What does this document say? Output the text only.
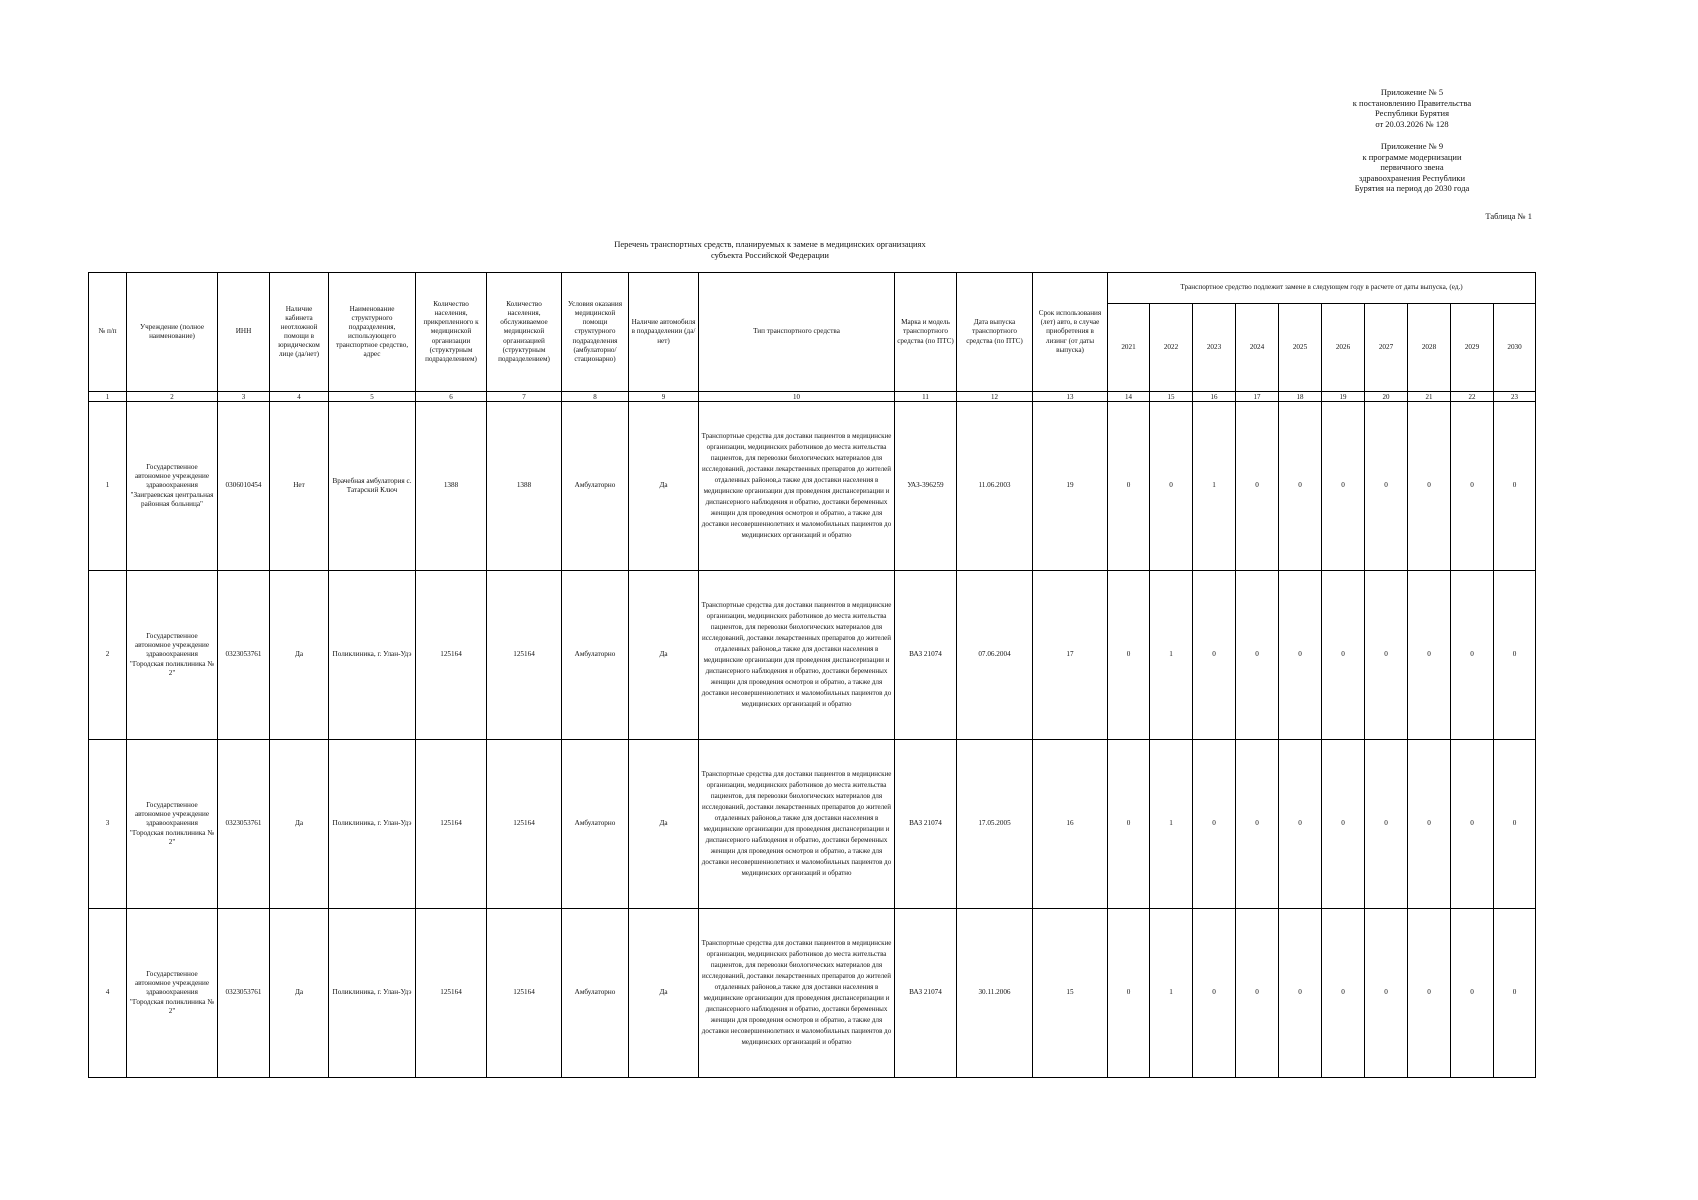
Приложение № 5
к постановлению Правительства
Республики Бурятия
от 20.03.2026 № 128
Приложение № 9
к программе модернизации
первичного звена
здравоохранения Республики
Бурятия на период до 2030 года
Таблица № 1
Перечень транспортных средств, планируемых к замене в медицинских организациях
субъекта Российской Федерации
№ п/п	Учреждение (полное наименование)	ИНН	Наличие кабинета неотложной помощи в юридическом лице (да/нет)	Наименование структурного подразделения, использующего транспортное средство, адрес	Количество населения, прикрепленного к медицинской организации (структурным подразделением)	Количество населения, обслуживаемое медицинской организацией (структурным подразделением)	Условия оказания медицинской помощи структурного подразделения (амбулаторно/стационарно)	Наличие автомобиля в подразделении (да/нет)	Тип транспортного средства	Марка и модель транспортного средства (по ПТС)	Дата выпуска транспортного средства (по ПТС)	Срок использования (лет) авто, в случае приобретения в лизинг (от даты выпуска)	Транспортное средство подлежит замене в следующем году в расчете от даты выпуска, (ед.)									
													2021	2022	2023	2024	2025	2026	2027	2028	2029	2030
1	2	3	4	5	6	7	8	9	10	11	12	13	14	15	16	17	18	19	20	21	22	23
1	Государственное автономное учреждение здравоохранения "Заиграевская центральная районная больница"	0306010454	Нет	Врачебная амбулатория с. Татарский Ключ	1388	1388	Амбулаторно	Да	Транспортные средства для доставки пациентов в медицинские организации, медицинских работников до места жительства пациентов, для перевозки биологических материалов для исследований, доставки лекарственных препаратов до жителей отдаленных районов,а также для доставки населения в медицинские организации для проведения диспансеризации и диспансерного наблюдения и обратно, доставки беременных женщин для проведения осмотров и обратно, а также для доставки несовершеннолетних и маломобильных пациентов до медицинских организаций и обратно	УАЗ-396259	11.06.2003	19	0	0	1	0	0	0	0	0	0	0
2	Государственное автономное учреждение здравоохранения "Городская поликлиника № 2"	0323053761	Да	Поликлиника, г. Улан-Удэ	125164	125164	Амбулаторно	Да	Транспортные средства для доставки пациентов в медицинские организации, медицинских работников до места жительства пациентов, для перевозки биологических материалов для исследований, доставки лекарственных препаратов до жителей отдаленных районов,а также для доставки населения в медицинские организации для проведения диспансеризации и диспансерного наблюдения и обратно, доставки беременных женщин для проведения осмотров и обратно, а также для доставки несовершеннолетних и маломобильных пациентов до медицинских организаций и обратно	ВАЗ 21074	07.06.2004	17	0	1	0	0	0	0	0	0	0	0
3	Государственное автономное учреждение здравоохранения "Городская поликлиника № 2"	0323053761	Да	Поликлиника, г. Улан-Удэ	125164	125164	Амбулаторно	Да	Транспортные средства для доставки пациентов в медицинские организации, медицинских работников до места жительства пациентов, для перевозки биологических материалов для исследований, доставки лекарственных препаратов до жителей отдаленных районов,а также для доставки населения в медицинские организации для проведения диспансеризации и диспансерного наблюдения и обратно, доставки беременных женщин для проведения осмотров и обратно, а также для доставки несовершеннолетних и маломобильных пациентов до медицинских организаций и обратно	ВАЗ 21074	17.05.2005	16	0	1	0	0	0	0	0	0	0	0
4	Государственное автономное учреждение здравоохранения "Городская поликлиника № 2"	0323053761	Да	Поликлиника, г. Улан-Удэ	125164	125164	Амбулаторно	Да	Транспортные средства для доставки пациентов в медицинские организации, медицинских работников до места жительства пациентов, для перевозки биологических материалов для исследований, доставки лекарственных препаратов до жителей отдаленных районов,а также для доставки населения в медицинские организации для проведения диспансеризации и диспансерного наблюдения и обратно, доставки беременных женщин для проведения осмотров и обратно, а также для доставки несовершеннолетних и маломобильных пациентов до медицинских организаций и обратно	ВАЗ 21074	30.11.2006	15	0	1	0	0	0	0	0	0	0	0
